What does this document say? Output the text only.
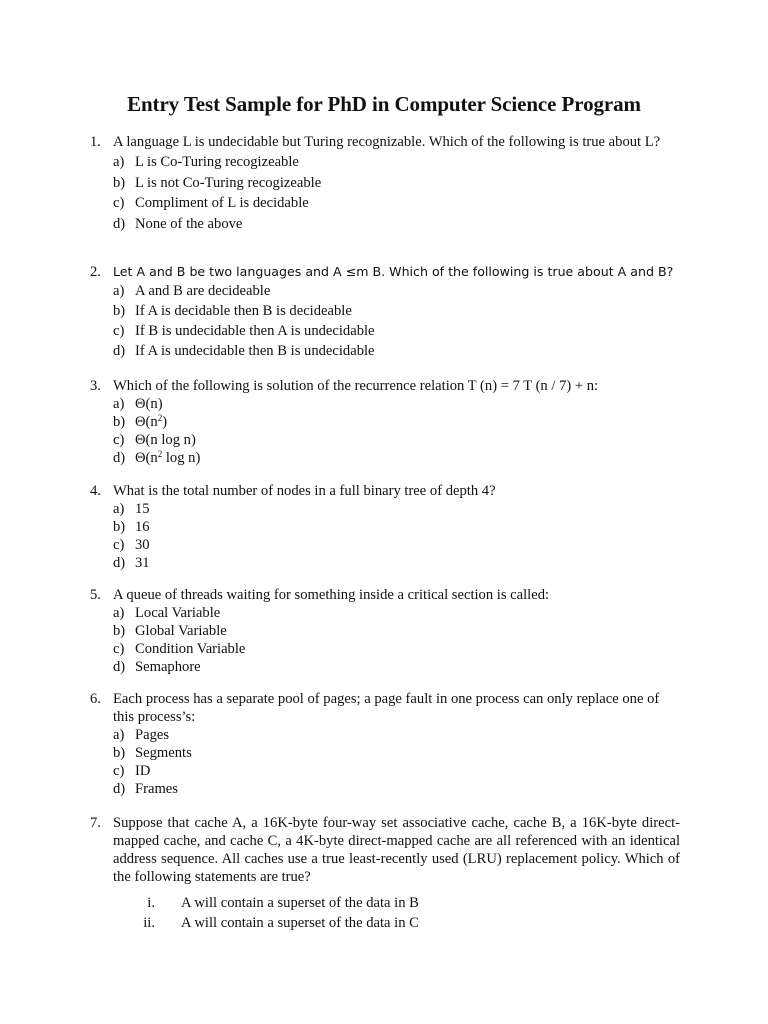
Entry Test Sample for PhD in Computer Science Program
1. A language L is undecidable but Turing recognizable. Which of the following is true about L?
a) L is Co-Turing recogizeable
b) L is not Co-Turing recogizeable
c) Compliment of L is decidable
d) None of the above
2. Let A and B be two languages and A ≤m B. Which of the following is true about A and B?
a) A and B are decideable
b) If A is decidable then B is decideable
c) If B is undecidable then A is undecidable
d) If A is undecidable then B is undecidable
3. Which of the following is solution of the recurrence relation T (n) = 7 T (n / 7) + n:
a) Θ(n)
b) $\Theta(n^2)$
c) Θ(n log n)
d) $\Theta(n^2$ log n)
4. What is the total number of nodes in a full binary tree of depth 4?
a) 15
b) 16
c) 30
d) 31
5. A queue of threads waiting for something inside a critical section is called:
a) Local Variable
b) Global Variable
c) Condition Variable
d) Semaphore
6. Each process has a separate pool of pages; a page fault in one process can only replace one of this process’s:
a) Pages
b) Segments
c) ID
d) Frames
7. Suppose that cache A, a 16K-byte four-way set associative cache, cache B, a 16K-byte direct-mapped cache, and cache C, a 4K-byte direct-mapped cache are all referenced with an identical address sequence. All caches use a true least-recently used (LRU) replacement policy. Which of the following statements are true?
i. A will contain a superset of the data in B
ii. A will contain a superset of the data in C
